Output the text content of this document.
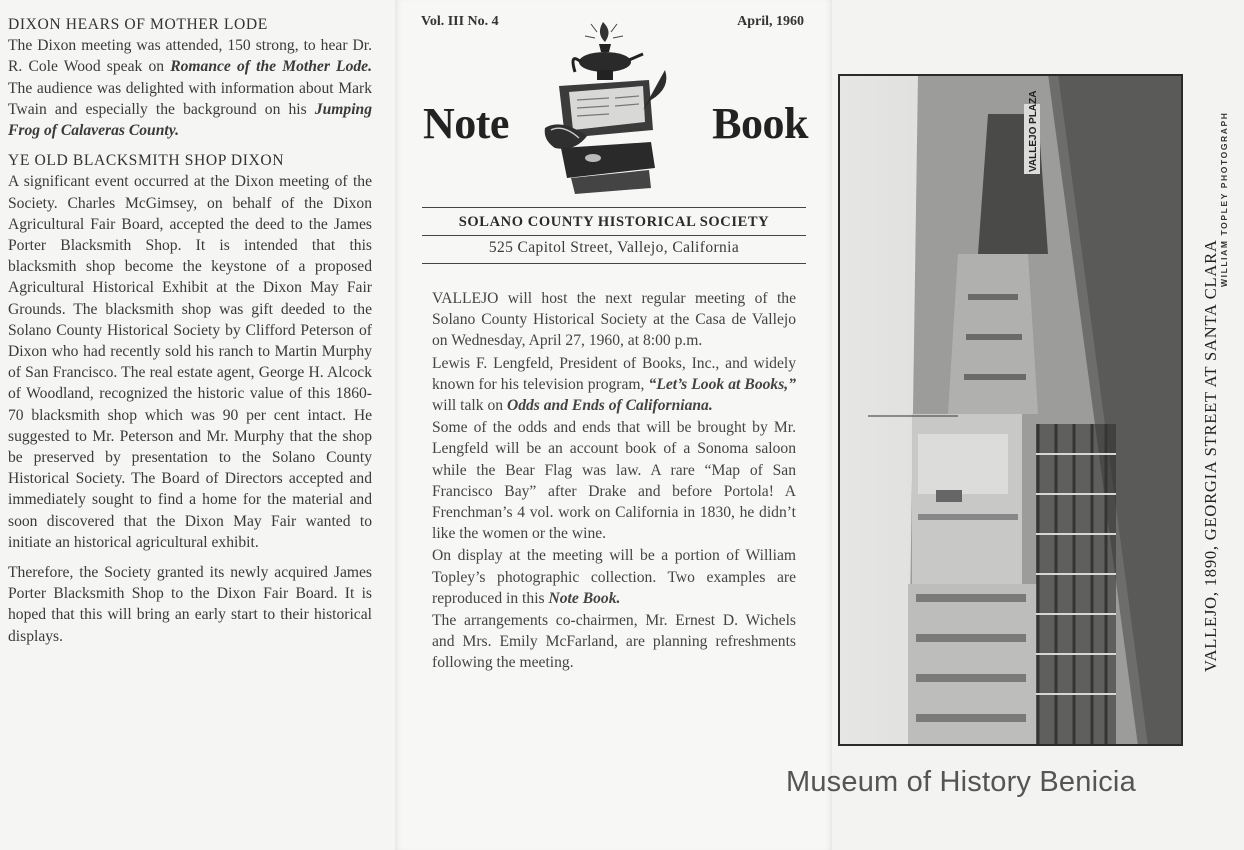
DIXON HEARS OF MOTHER LODE

The Dixon meeting was attended, 150 strong, to hear Dr. R. Cole Wood speak on Romance of the Mother Lode. The audience was delighted with information about Mark Twain and especially the background on his Jumping Frog of Calaveras County.

YE OLD BLACKSMITH SHOP DIXON

A significant event occurred at the Dixon meeting of the Society. Charles McGimsey, on behalf of the Dixon Agricultural Fair Board, accepted the deed to the James Porter Blacksmith Shop. It is intended that this blacksmith shop become the keystone of a proposed Agricultural Historical Exhibit at the Dixon May Fair Grounds. The blacksmith shop was gift deeded to the Solano County Historical Society by Clifford Peterson of Dixon who had recently sold his ranch to Martin Murphy of San Francisco. The real estate agent, George H. Alcock of Woodland, recognized the historic value of this 1860-70 blacksmith shop which was 90 per cent intact. He suggested to Mr. Peterson and Mr. Murphy that the shop be preserved by presentation to the Solano County Historical Society. The Board of Directors accepted and immediately sought to find a home for the material and soon discovered that the Dixon May Fair wanted to initiate an historical agricultural exhibit.

Therefore, the Society granted its newly acquired James Porter Blacksmith Shop to the Dixon Fair Board. It is hoped that this will bring an early start to their historical displays.

Vol. III No. 4	April, 1960
Note	Book
SOLANO COUNTY HISTORICAL SOCIETY
525 Capitol Street, Vallejo, California

VALLEJO will host the next regular meeting of the Solano County Historical Society at the Casa de Vallejo on Wednesday, April 27, 1960, at 8:00 p.m.

Lewis F. Lengfeld, President of Books, Inc., and widely known for his television program, “Let’s Look at Books,” will talk on Odds and Ends of Californiana.

Some of the odds and ends that will be brought by Mr. Lengfeld will be an account book of a Sonoma saloon while the Bear Flag was law. A rare “Map of San Francisco Bay” after Drake and before Portola! A Frenchman’s 4 vol. work on California in 1830, he didn’t like the women or the wine.

On display at the meeting will be a portion of William Topley’s photographic collection. Two examples are reproduced in this Note Book.

The arrangements co-chairmen, Mr. Ernest D. Wichels and Mrs. Emily McFarland, are planning refreshments following the meeting.

VALLEJO PLAZA
VALLEJO, 1890, GEORGIA STREET AT SANTA CLARA
WILLIAM TOPLEY PHOTOGRAPH
Museum of History Benicia
